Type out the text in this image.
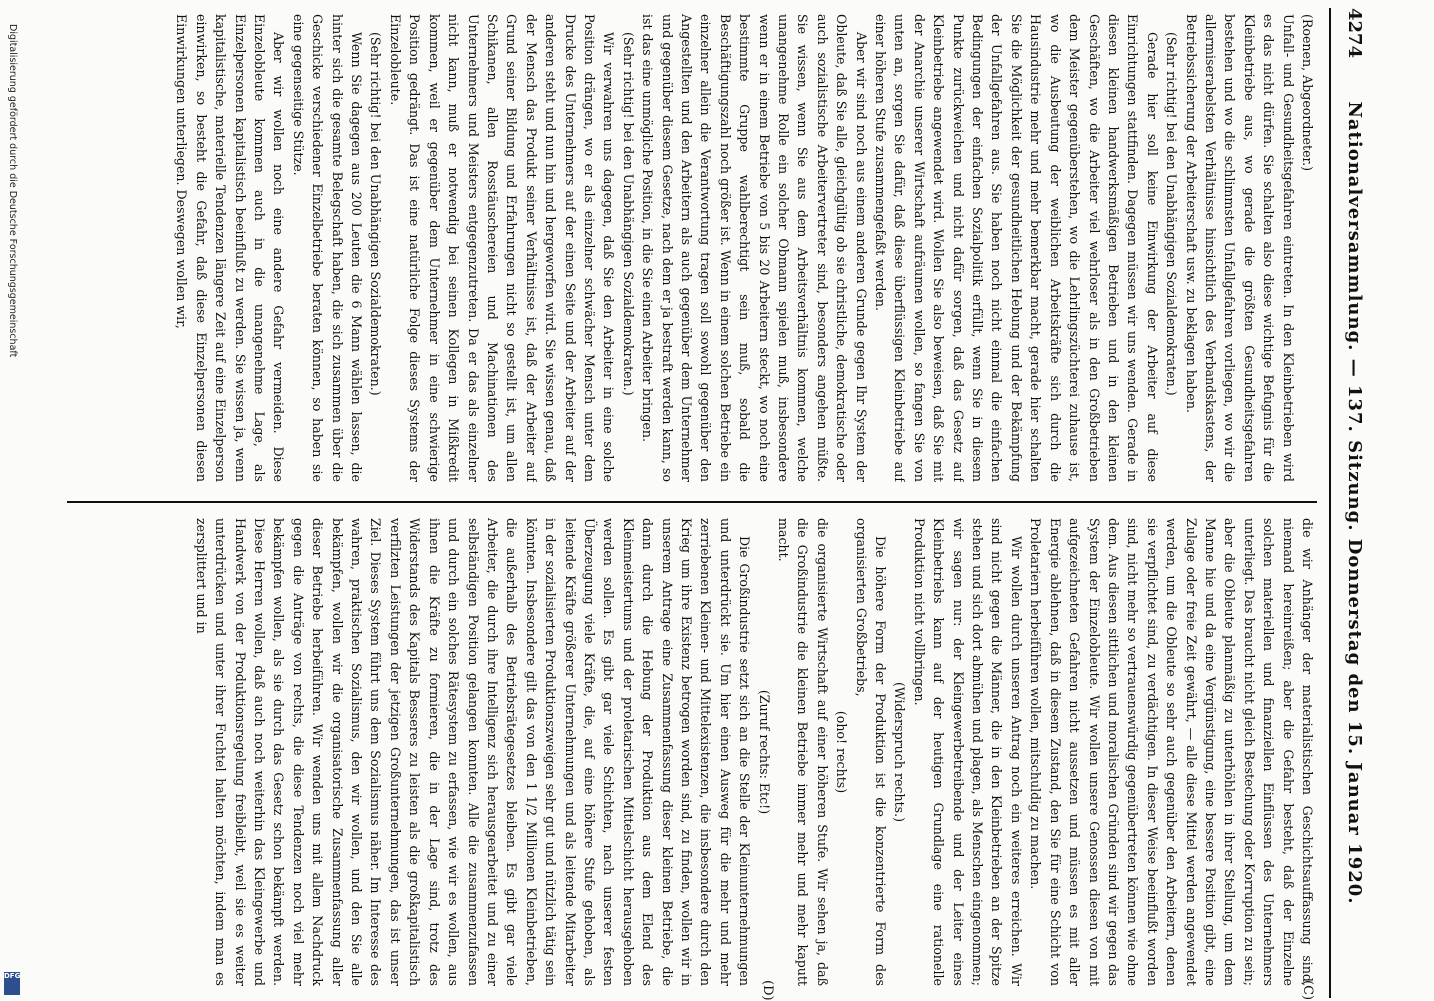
Digitalisierung gefördert durch die Deutsche Forschungsgemeinschaft
DFG
4274
Nationalversammlung. — 137. Sitzung. Donnerstag den 15. Januar 1920.
(C)
(D)

(Roenen, Abgeordneter.)

Unfall- und Gesundheitsgefahren eintreten. In den Kleinbetrieben wird es das nicht dürfen. Sie schalten also diese wichtige Befugnis für die Kleinbetriebe aus, wo gerade die größten Gesundheitsgefahren bestehen und wo die schlimmsten Unfallgefahren vorliegen, wo wir die allermiserabelsten Verhältnisse hinsichtlich des Verbandskastens, der Betriebssicherung der Arbeiterschaft usw. zu beklagen haben.

(Sehr richtig! bei den Unabhängigen Sozialdemokraten.)

Gerade hier soll keine Einwirkung der Arbeiter auf diese Einrichtungen stattfinden. Dagegen müssen wir uns wenden. Gerade in diesen kleinen handwerksmäßigen Betrieben und in den kleinen Geschäften, wo die Arbeiter viel wehrloser als in den Großbetrieben dem Meister gegenüberstehen, wo die Lehrlingszüchterei zuhause ist, wo die Ausbeutung der weiblichen Arbeitskräfte sich durch die Hausindustrie mehr und mehr bemerkbar macht, gerade hier schalten Sie die Möglichkeit der gesundheitlichen Hebung und der Bekämpfung der Unfallgefahren aus. Sie haben noch nicht einmal die einfachen Bedingungen der einfachen Sozialpolitik erfüllt, wenn Sie in diesem Punkte zurückweichen und nicht dafür sorgen, daß das Gesetz auf Kleinbetriebe angewendet wird. Wollen Sie also beweisen, daß Sie mit der Anarchie unserer Wirtschaft aufräumen wollen, so fangen Sie von unten an, sorgen Sie dafür, daß diese überflüssigen Kleinbetriebe auf einer höheren Stufe zusammengefaßt werden.

Aber wir sind noch aus einem anderen Grunde gegen Ihr System der Obleute, daß Sie alle, gleichgültig ob sie christliche, demokratische oder auch sozialistische Arbeitervertreter sind, besonders angehen müßte. Sie wissen, wenn Sie aus dem Arbeitsverhältnis kommen, welche unangenehme Rolle ein solcher Obmann spielen muß, insbesondere wenn er in einem Betriebe von 5 bis 20 Arbeitern steckt, wo noch eine bestimmte Gruppe wahlberechtigt sein muß, sobald die Beschäftigungszahl noch größer ist. Wenn in einem solchen Betriebe ein einzelner allein die Verantwortung tragen soll sowohl gegenüber den Angestellten und den Arbeitern als auch gegenüber dem Unternehmer und gegenüber diesem Gesetze, nach dem er ja bestraft werden kann, so ist das eine unmögliche Position, in die Sie einen Arbeiter bringen.

(Sehr richtig! bei den Unabhängigen Sozialdemokraten.)

Wir verwahren uns dagegen, daß Sie den Arbeiter in eine solche Position drängen, wo er als einzelner schwächer Mensch unter dem Drucke des Unternehmers auf der einen Seite und der Arbeiter auf der anderen steht und nun hin und hergeworfen wird. Sie wissen genau, daß der Mensch das Produkt seiner Verhältnisse ist, daß der Arbeiter auf Grund seiner Bildung und Erfahrungen nicht so gestellt ist, um allen Schikanen, allen Rosstäuschereien und Machinationen des Unternehmers und Meisters entgegenzutreten. Da er das als einzelner nicht kann, muß er notwendig bei seinen Kollegen in Mißkredit kommen, weil er gegenüber dem Unternehmer in eine schwierige Position gedrängt. Das ist eine natürliche Folge dieses Systems der Einzelobleute.

(Sehr richtig! bei den Unabhängigen Sozialdemokraten.)

Wenn Sie dagegen aus 200 Leuten die 6 Mann wählen lassen, die hinter sich die gesamte Belegschaft haben, die sich zusammen über die Geschicke verschiedener Einzelbetriebe beraten können, so haben sie eine gegenseitige Stütze.

Aber wir wollen noch eine andere Gefahr vermeiden. Diese Einzelobleute kommen auch in die unangenehme Lage, als Einzelpersonen kapitalistisch beeinflußt zu werden. Sie wissen ja, wenn kapitalistische, materielle Tendenzen längere Zeit auf eine Einzelperson einwirken, so besteht die Gefahr, daß diese Einzelpersonen diesen Einwirkungen unterliegen. Deswegen wollen wir,

die wir Anhänger der materialistischen Geschichtsauffassung sind, niemand hereinreißen; aber die Gefahr besteht, daß der Einzelne solchen materiellen und finanziellen Einflüssen des Unternehmers unterliegt. Das braucht nicht gleich Bestechung oder Korruption zu sein; aber die Obleute planmäßig zu unterhöhlen in ihrer Stellung, um dem Manne hie und da eine Vergünstigung, eine bessere Position gibt, eine Zulage oder freie Zeit gewährt, — alle diese Mittel werden angewendet werden, um die Obleute so sehr auch gegenüber den Arbeitern, denen sie verpflichtet sind, zu verdächtigen. In dieser Weise beeinflußt worden sind, nicht mehr so vertrauenswürdig gegenübertreten können wie ohne dem. Aus diesen sittlichen und moralischen Gründen sind wir gegen das System der Einzelobleute. Wir wollen unsere Genossen diesen von mit aufgezeichneten Gefahren nicht aussetzen und müssen es mit aller Energie ablehnen, daß in diesem Zustand, den Sie für eine Schicht von Proletariern herbeiführen wollen, mitschuldig zu machen.

Wir wollen durch unseren Antrag noch ein weiteres erreichen. Wir sind nicht gegen die Männer, die in den Kleinbetrieben an der Spitze stehen und sich dort abmühen und plagen, als Menschen eingenommen; wir sagen nur: der Kleingewerbetreibende und der Leiter eines Kleinbetriebs kann auf der heutigen Grundlage eine rationelle Produktion nicht vollbringen.

(Widerspruch rechts.)

Die höhere Form der Produktion ist die konzentrierte Form des organisierten Großbetriebs,

(oho! rechts)

die organisierte Wirtschaft auf einer höheren Stufe. Wir sehen ja, daß die Großindustrie die kleinen Betriebe immer mehr und mehr kaputt macht.

(Zuruf rechts: Etc!)

Die Großindustrie setzt sich an die Stelle der Kleinunternehmungen und unterdrückt sie. Um hier einen Ausweg für die mehr und mehr zerriebenen Kleinen- und Mittelexistenzen, die insbesondere durch den Krieg um ihre Existenz betrogen worden sind, zu finden, wollen wir in unserem Antrage eine Zusammenfassung dieser kleinen Betriebe, die dann durch die Hebung der Produktion aus dem Elend des Kleinmeistertums und der proletarischen Mittelschicht herausgehoben werden sollen. Es gibt gar viele Schichten, nach unserer festen Überzeugung viele Kräfte, die, auf eine höhere Stufe gehoben, als leitende Kräfte größerer Unternehmungen und als leitende Mitarbeiter in der sozialisierten Produktionszweigen sehr gut und nützlich tätig sein könnten. Insbesondere gilt das von den 1 1/2 Millionen Kleinbetrieben, die außerhalb des Betriebsrätegesetzes bleiben. Es gibt gar viele Arbeiter, die durch ihre Intelligenz sich herausgearbeitet und zu einer selbständigen Position gelangen konnten. Alle die zusammenzufassen und durch ein solches Rätesystem zu erfassen, wie wir es wollen, aus ihnen die Kräfte zu formieren, die in der Lage sind, trotz des Widerstands des Kapitals Besseres zu leisten als die großkapitalistisch verfilzten Leistungen der jetzigen Großunternehmungen, das ist unser Ziel. Dieses System führt uns dem Sozialismus näher. Im Interesse des wahren, praktischen Sozialismus, den wir wollen, und den Sie alle bekämpfen, wollen wir die organisatorische Zusammenfassung aller dieser Betriebe herbeiführen. Wir wenden uns mit allem Nachdruck gegen die Anträge von rechts, die diese Tendenzen noch viel mehr bekämpfen wollen, als sie durch das Gesetz schon bekämpft werden. Diese Herren wollen, daß auch noch weiterhin das Kleingewerbe und Handwerk von der Produktionsregelung freibleibt, weil sie es weiter unterdrücken und unter ihrer Fuchtel halten möchten, indem man es zersplittert und in
